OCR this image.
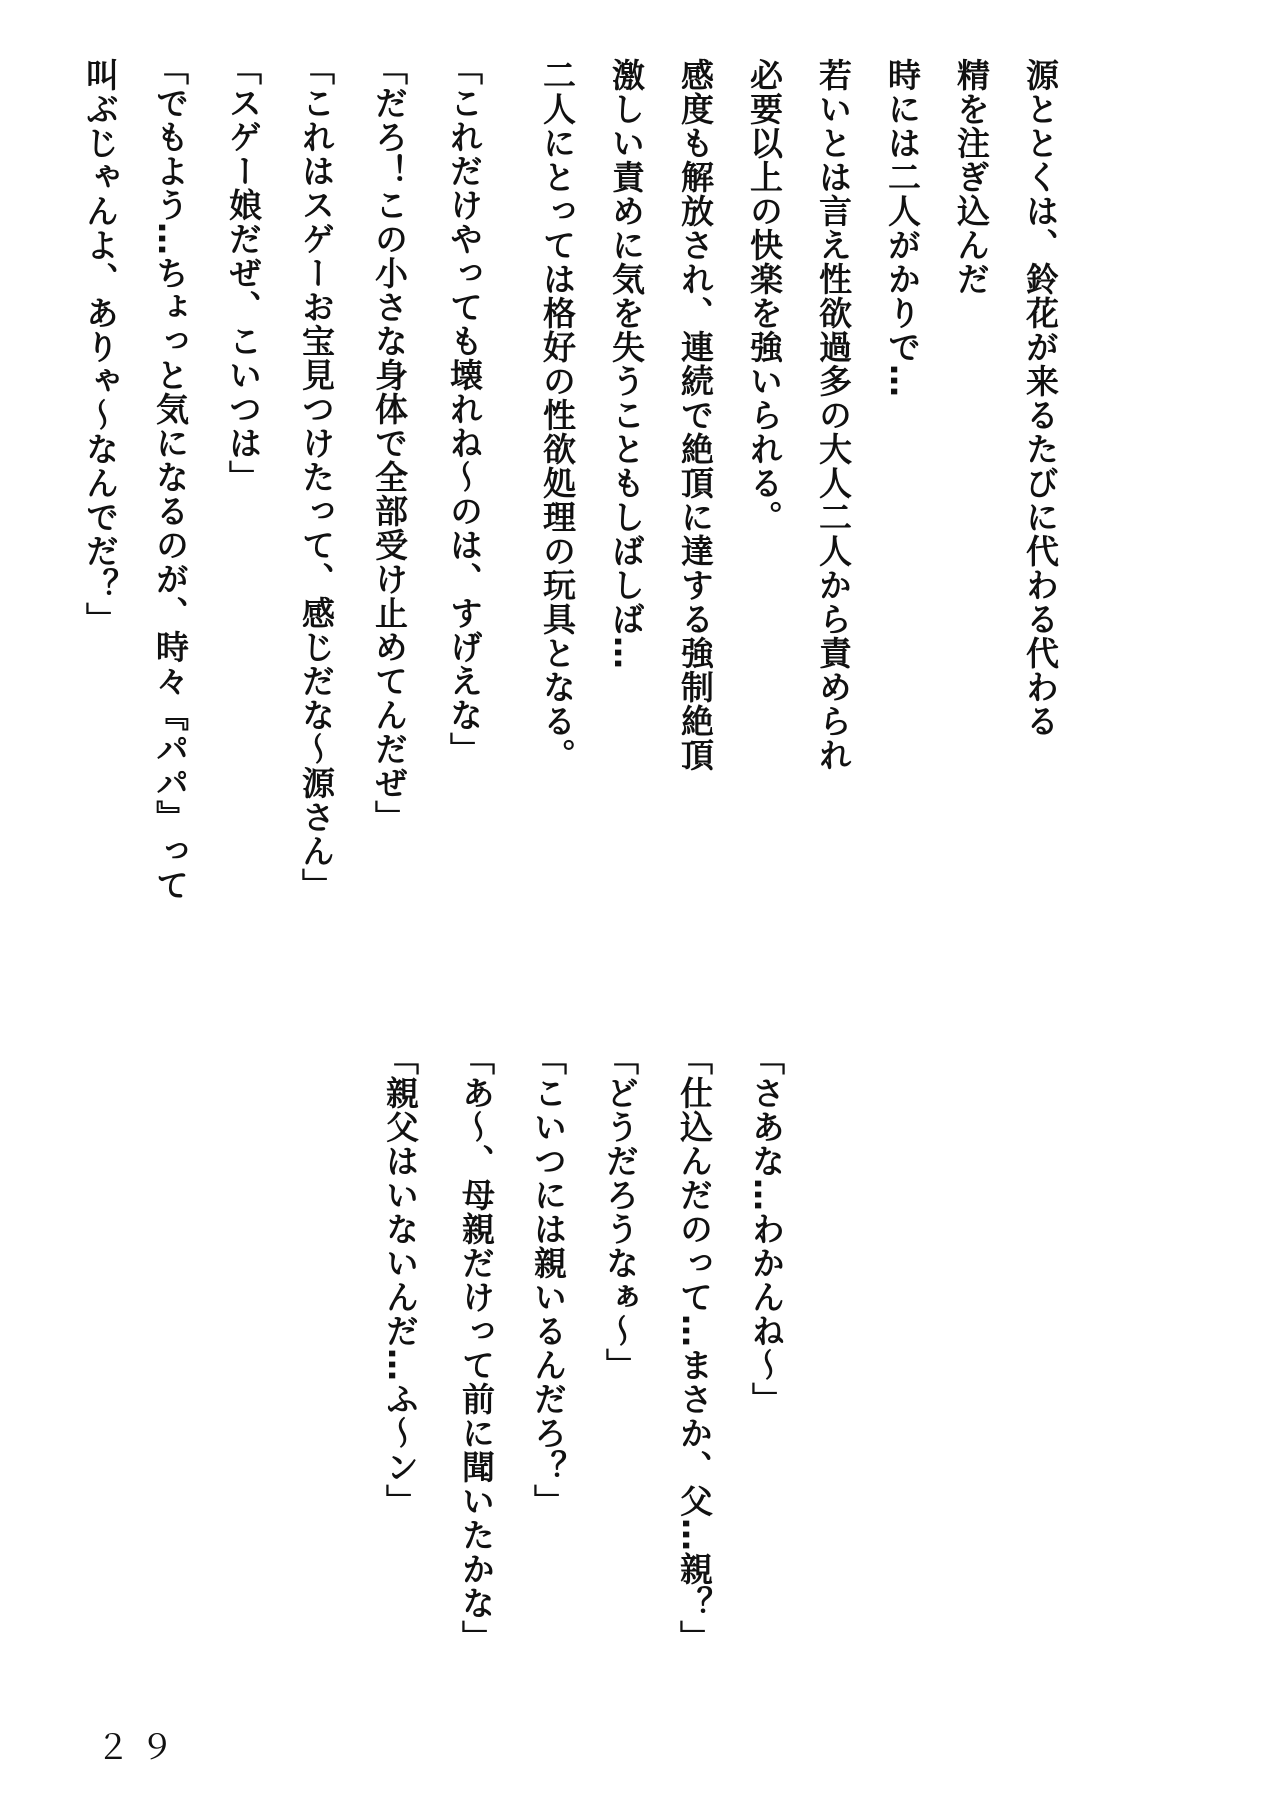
源ととくは、鈴花が来るたびに代わる代わる
精を注ぎ込んだ
時には二人がかりで…
若いとは言え性欲過多の大人二人から責められ
必要以上の快楽を強いられる。
感度も解放され、連続で絶頂に達する強制絶頂
激しい責めに気を失うこともしばしば…
二人にとっては格好の性欲処理の玩具となる。
「これだけやっても壊れね～のは、すげえな」
「だろ！この小さな身体で全部受け止めてんだぜ」
「これはスゲーお宝見つけたって、感じだな～源さん」
「スゲー娘だぜ、こいつは」
「でもよう…ちょっと気になるのが、時々『パパ』って
叫ぶじゃんよ、ありゃ～なんでだ？」
「さあな…わかんね～」
「仕込んだのって…まさか、父…親？」
「どうだろうなぁ～」
「こいつには親いるんだろ？」
「あ～、母親だけって前に聞いたかな」
「親父はいないんだ…ふ～ン」
２９
